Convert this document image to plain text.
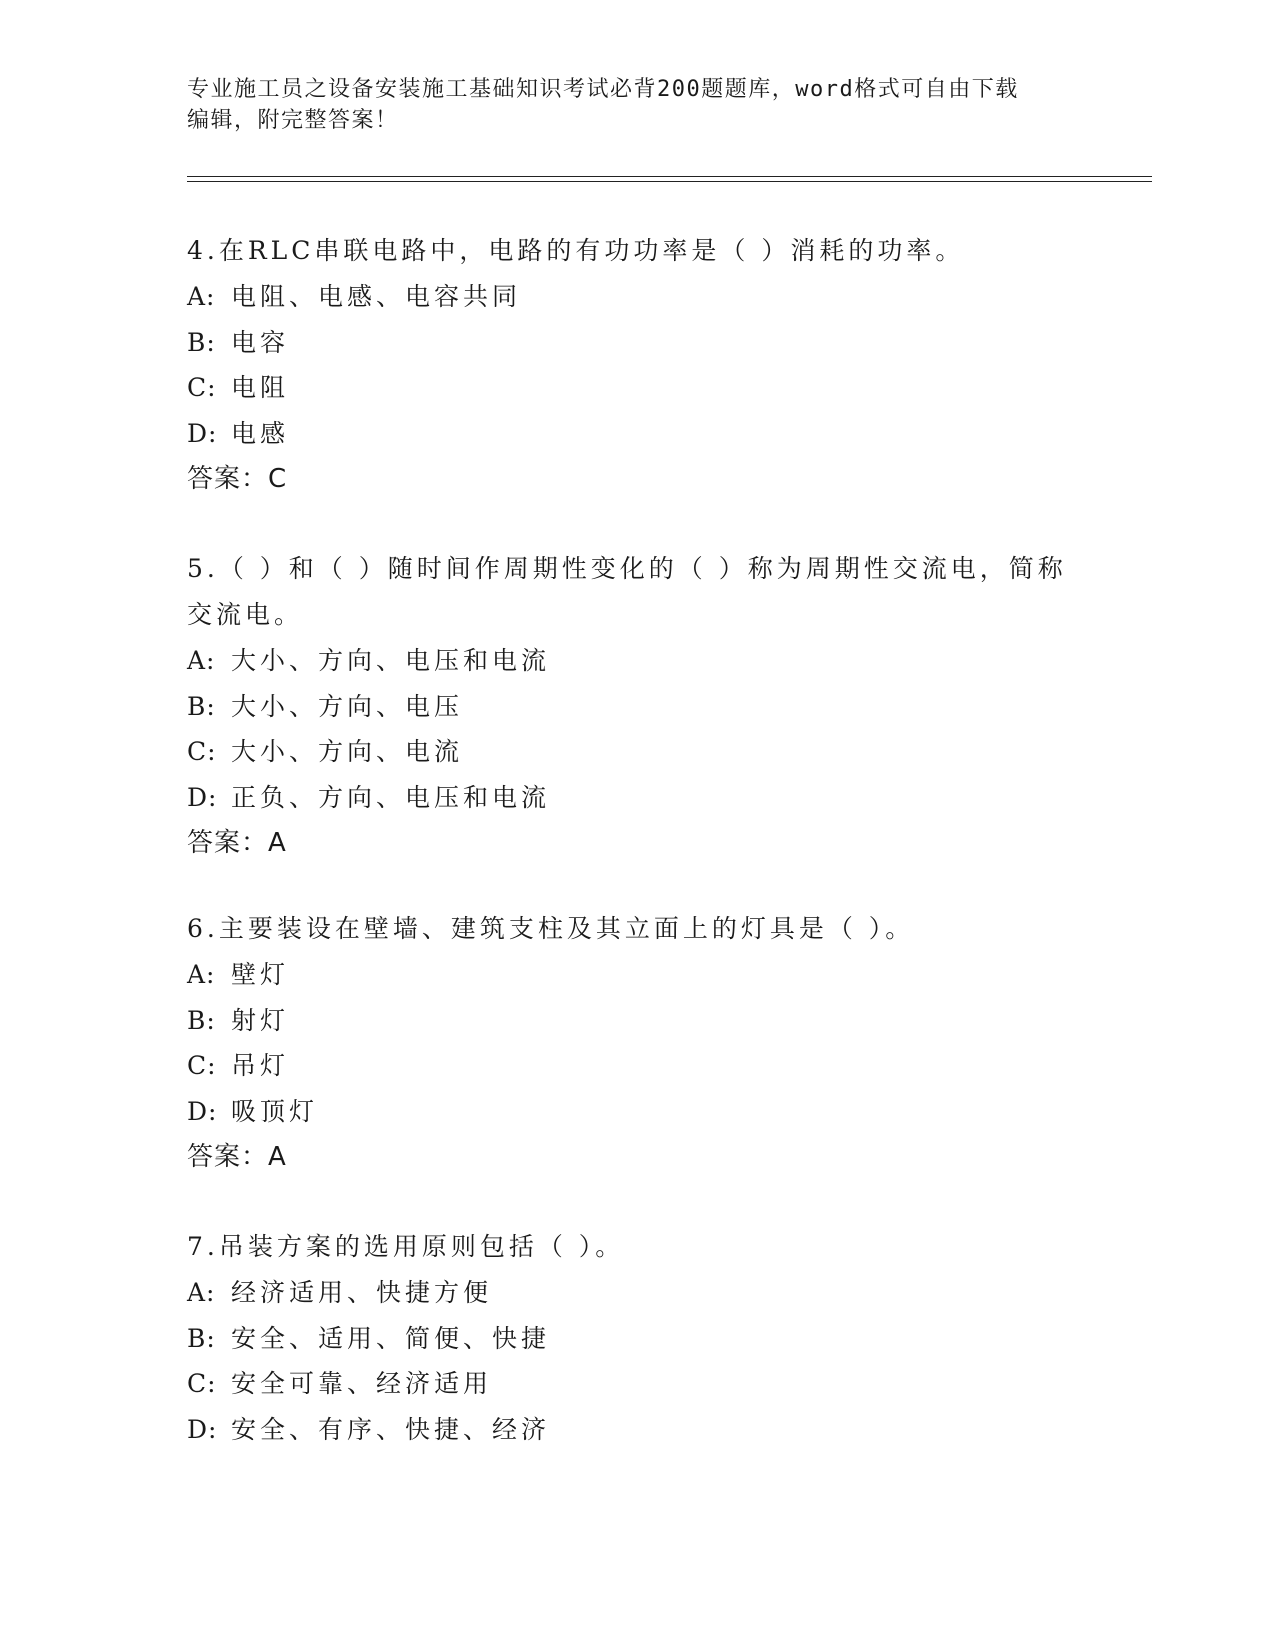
专业施工员之设备安装施工基础知识考试必背200题题库，word格式可自由下载
编辑，附完整答案！

4.在RLC串联电路中，电路的有功功率是（ ）消耗的功率。

A: 电阻、电感、电容共同

B: 电容

C: 电阻

D: 电感

答案：C

5.（ ）和（ ）随时间作周期性变化的（ ）称为周期性交流电，简称交流电。

A: 大小、方向、电压和电流

B: 大小、方向、电压

C: 大小、方向、电流

D: 正负、方向、电压和电流

答案：A

6.主要装设在壁墙、建筑支柱及其立面上的灯具是（ ）。

A: 壁灯

B: 射灯

C: 吊灯

D: 吸顶灯

答案：A

7.吊装方案的选用原则包括（ ）。

A: 经济适用、快捷方便

B: 安全、适用、简便、快捷

C: 安全可靠、经济适用

D: 安全、有序、快捷、经济
